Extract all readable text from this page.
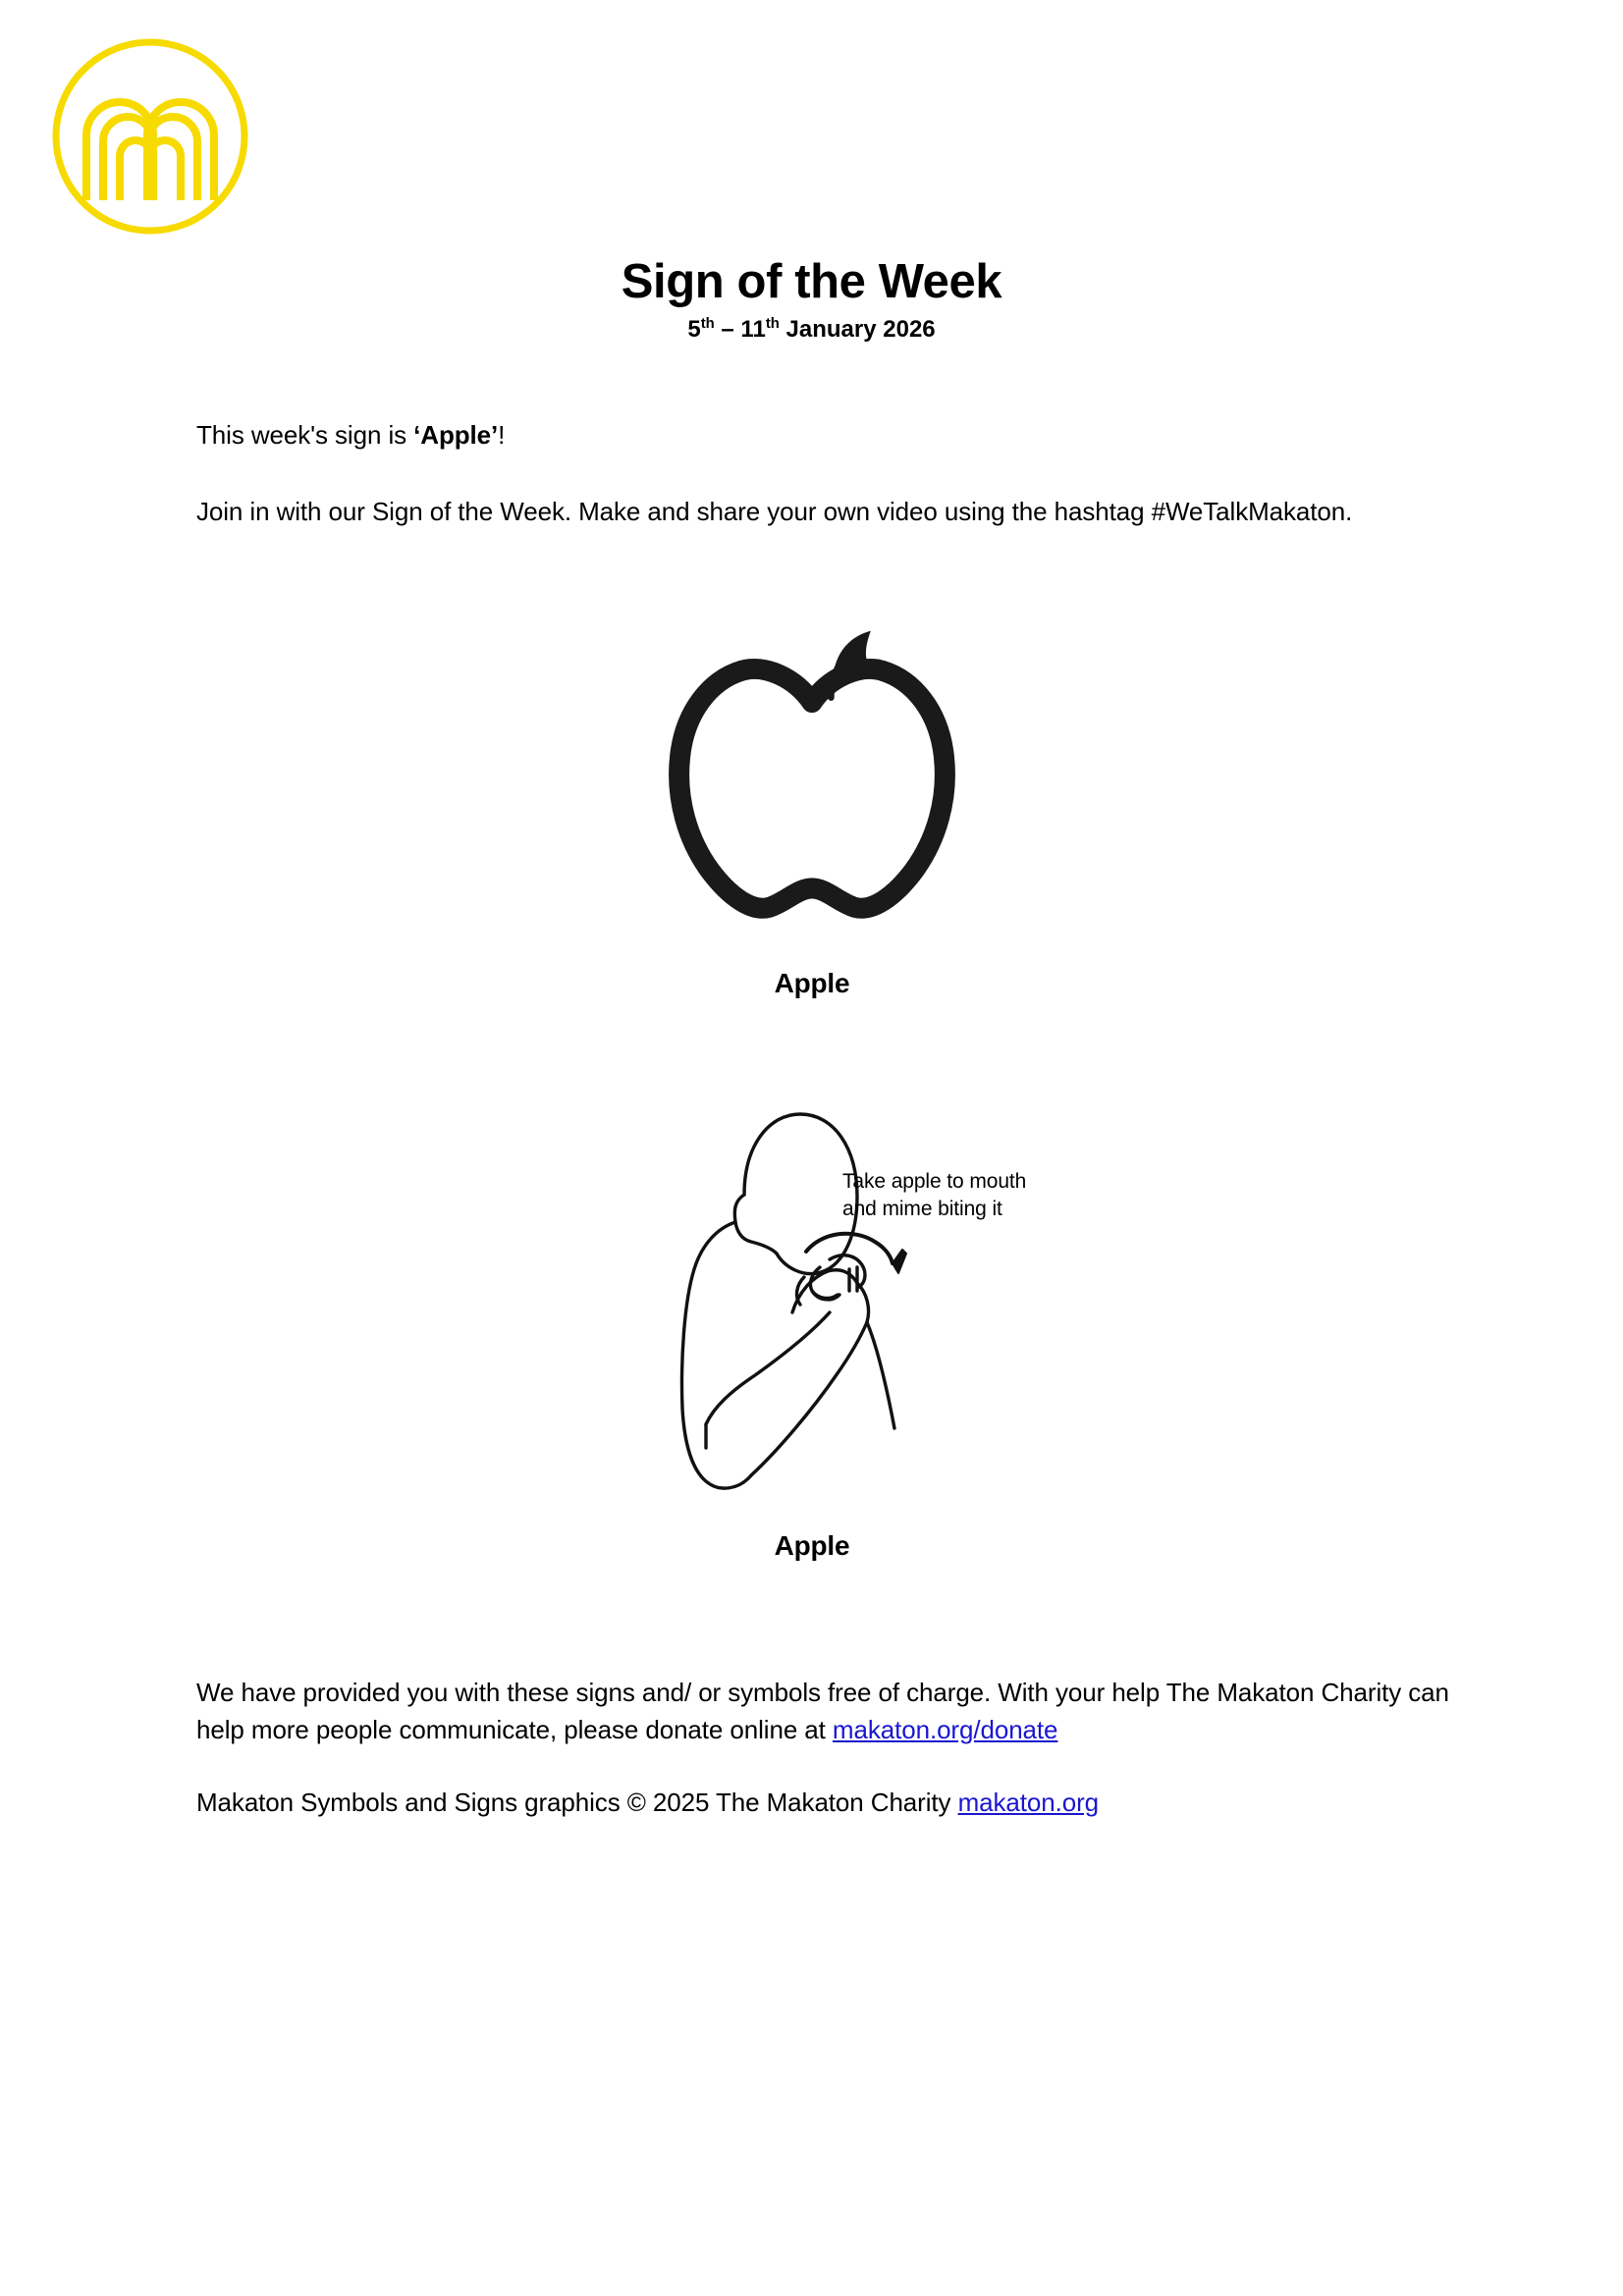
Sign of the Week
5th – 11th January 2026

This week's sign is ‘Apple’!

Join in with our Sign of the Week. Make and share your own video using the hashtag #WeTalkMakaton.

Apple
Apple
Take apple to mouth
and mime biting it

We have provided you with these signs and/ or symbols free of charge. With your help The Makaton Charity can help more people communicate, please donate online at makaton.org/donate

Makaton Symbols and Signs graphics © 2025 The Makaton Charity makaton.org
